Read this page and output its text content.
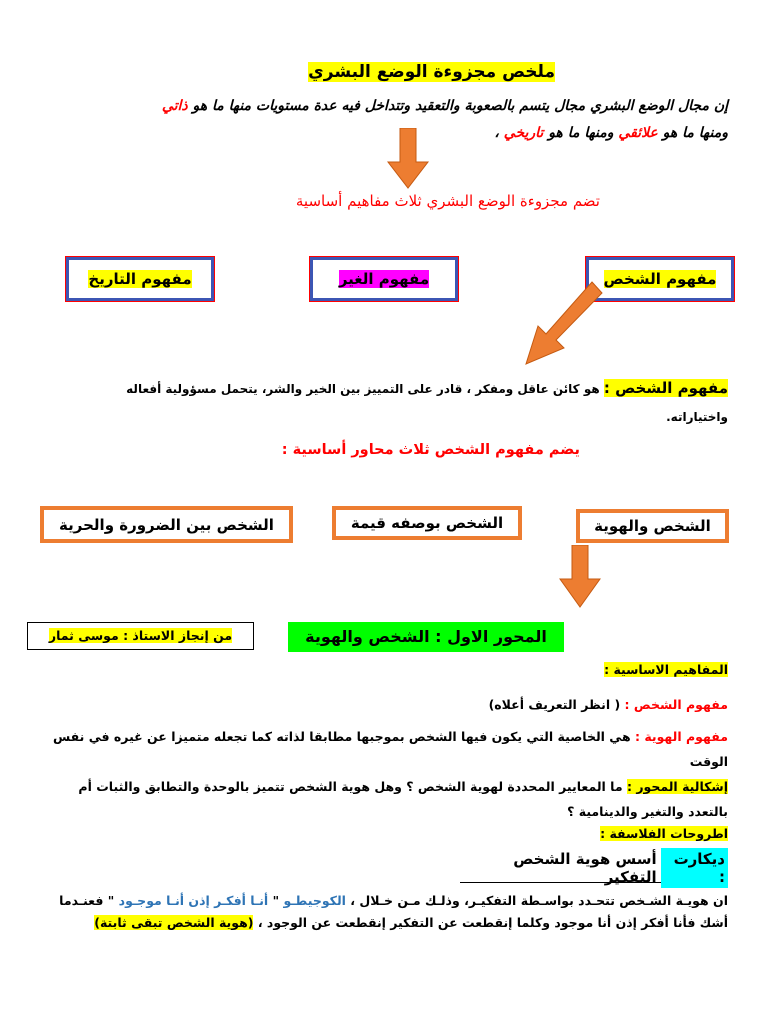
ملخص مجزوءة الوضع البشري
إن مجال الوضع البشري مجال يتسم بالصعوبة والتعقيد وتتداخل فيه عدة مستويات منها ما هو ذاتي
ومنها ما هو علائقي ومنها ما هو تاريخي ،
تضم مجزوءة الوضع البشري ثلاث مفاهيم أساسية
مفهوم الشخص
مفهوم الغير
مفهوم التاريخ
مفهوم الشخص : هو كائن عاقل ومفكر ، قادر على التمييز بين الخير والشر، يتحمل مسؤولية أفعاله
واختياراته.
يضم مفهوم الشخص ثلاث محاور أساسية :
الشخص والهوية
الشخص بوصفه قيمة
الشخص بين الضرورة والحرية
المحور الاول : الشخص والهوية
من إنجاز الاستاذ : موسى ثمار
المفاهيم الاساسية :
مفهوم الشخص : ( انظر التعريف أعلاه)
مفهوم الهوية : هي الخاصية التي يكون فيها الشخص بموجبها مطابقا لذاته كما تجعله متميزا عن غيره في نفس
الوقت
إشكالية المحور : ما المعايير المحددة لهوية الشخص ؟ وهل هوية الشخص تتميز بالوحدة والتطابق والثبات أم
بالتعدد والتغير والدينامية ؟
اطروحات الفلاسفة :
ديكارت :
أسس هوية الشخص التفكير
ان هويـة الشـخص تتحـدد بواسـطة التفكيـر، وذلـك مـن خـلال ، الكوجيطـو " أنـا أفكـر إذن أنـا موجـود " فعنـدما
أشك فأنا أفكر إذن أنا موجود وكلما إنقطعت عن التفكير إنقطعت عن الوجود ، (هوية الشخص تبقى ثابتة)
